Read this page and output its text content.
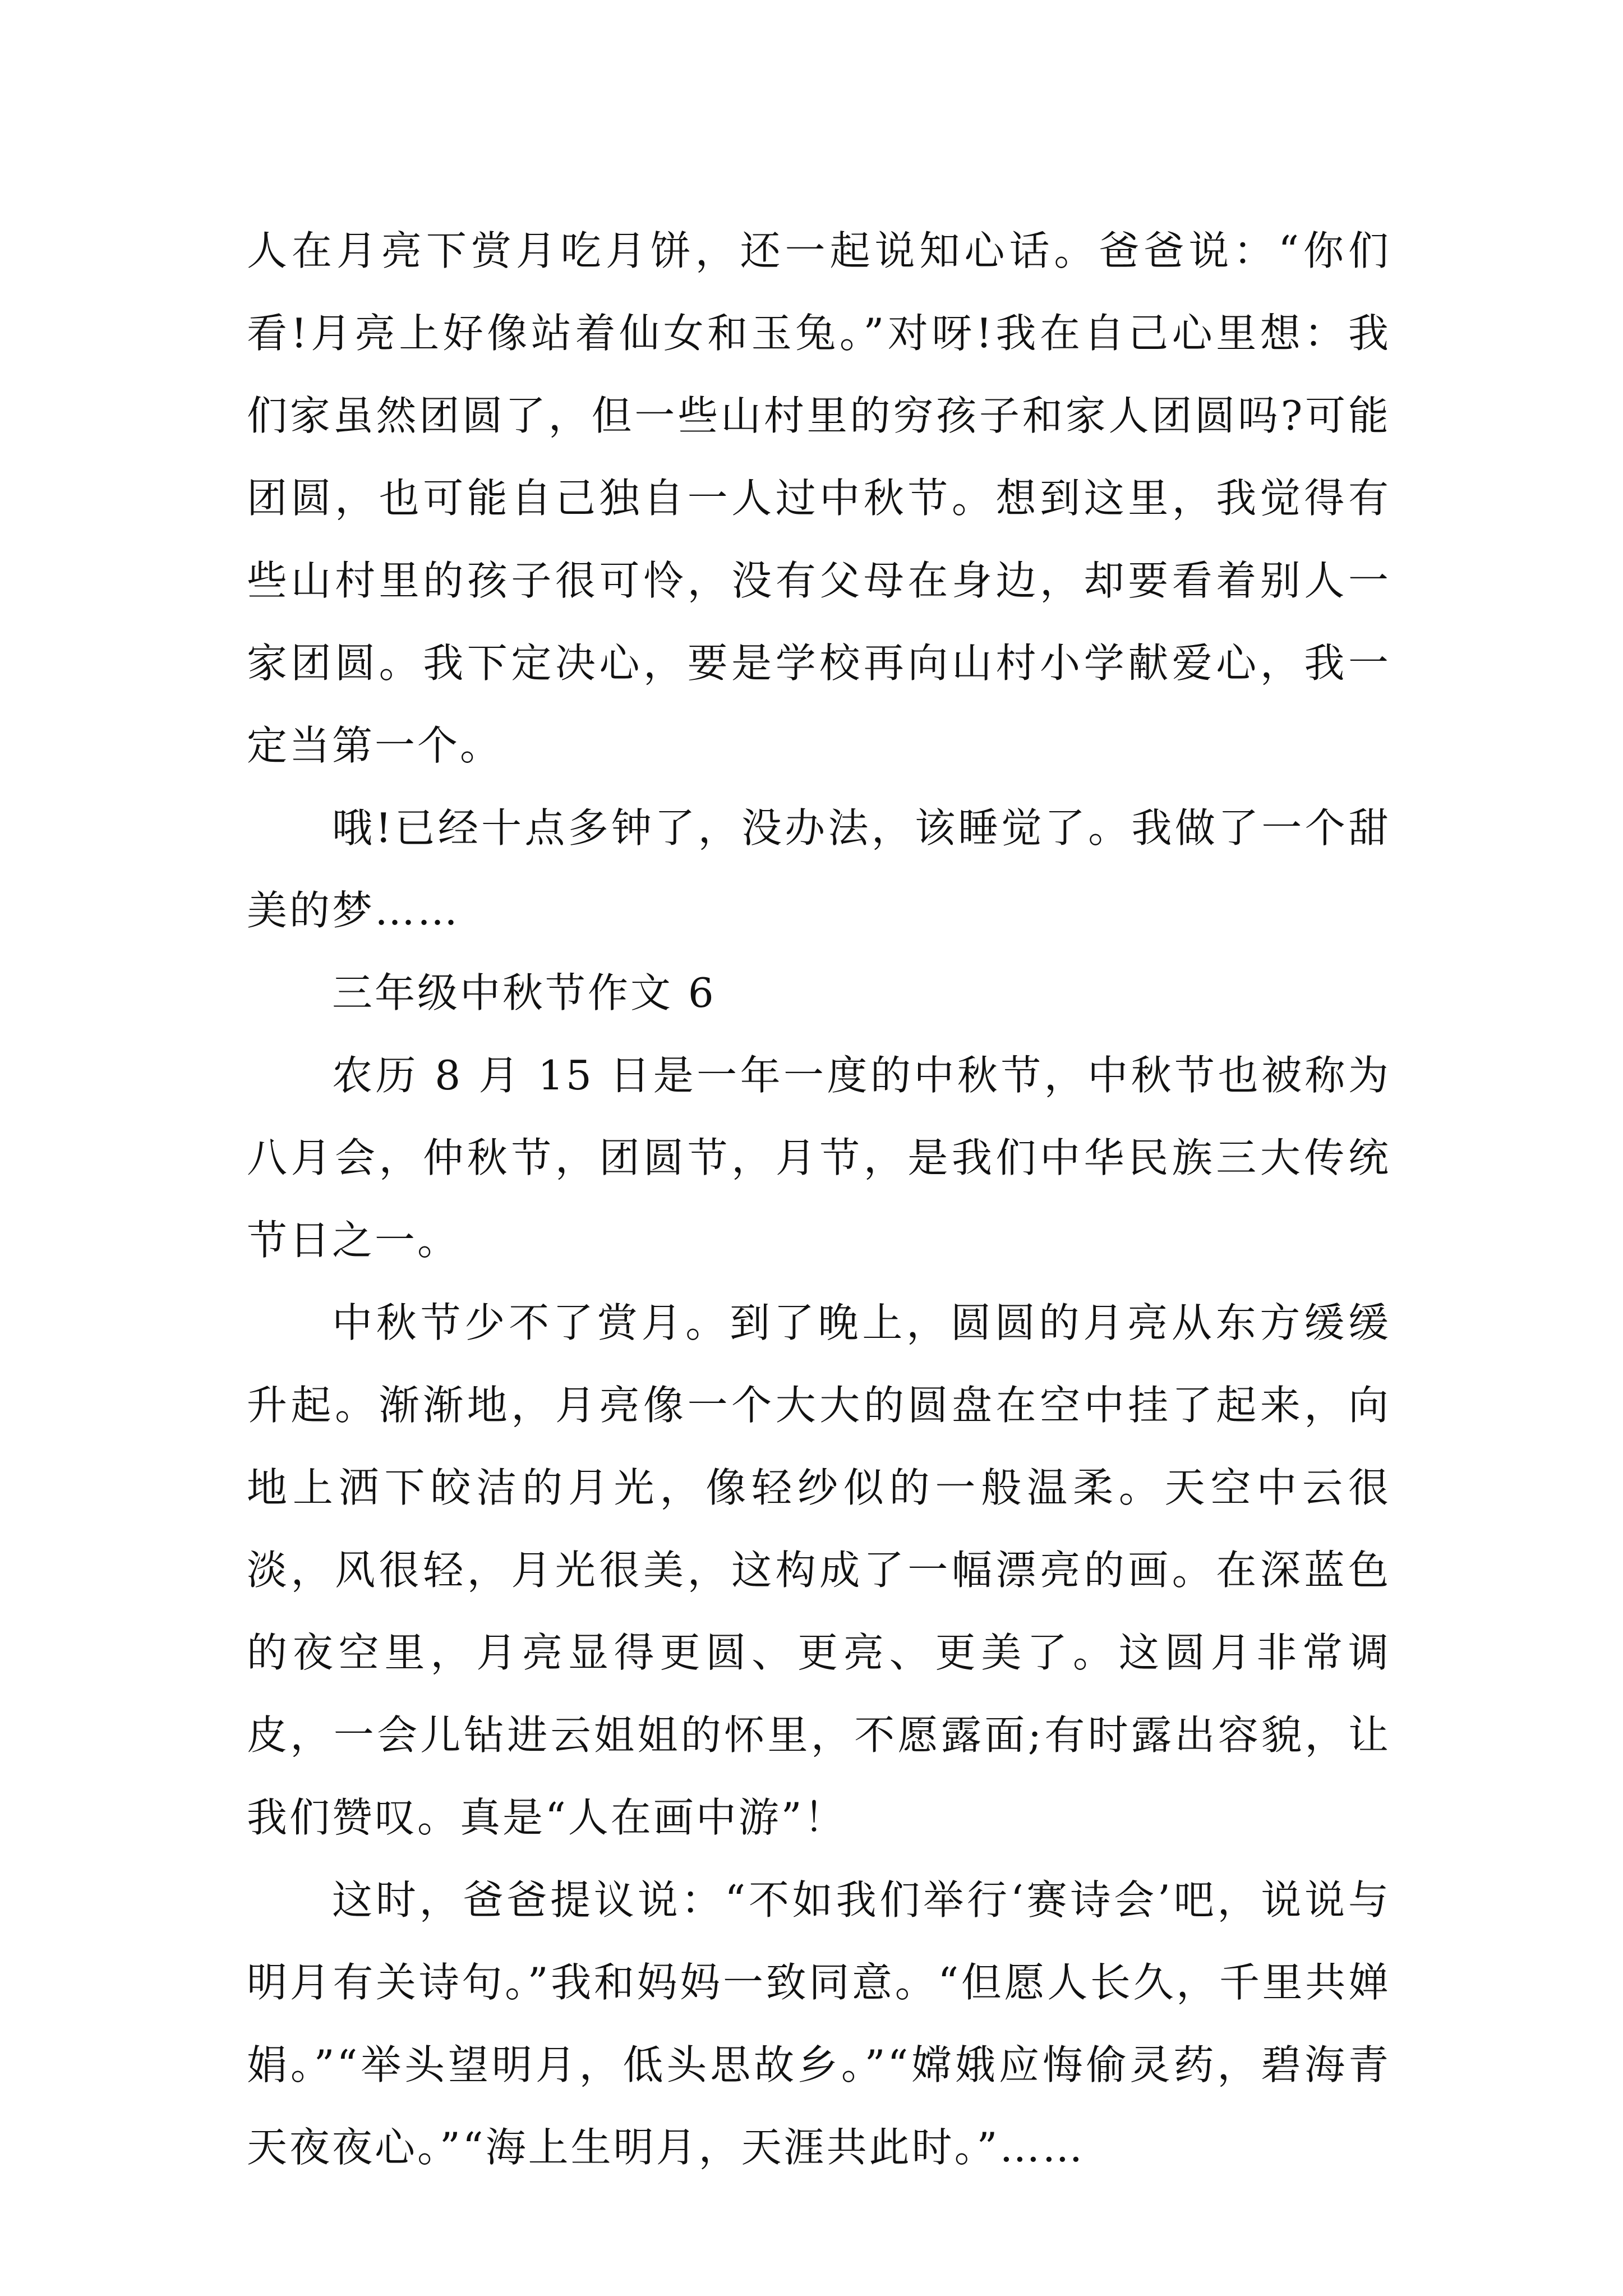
人在月亮下赏月吃月饼，还一起说知心话。爸爸说：“你们看!月亮上好像站着仙女和玉兔。”对呀!我在自己心里想：我们家虽然团圆了，但一些山村里的穷孩子和家人团圆吗?可能团圆，也可能自己独自一人过中秋节。想到这里，我觉得有些山村里的孩子很可怜，没有父母在身边，却要看着别人一家团圆。我下定决心，要是学校再向山村小学献爱心，我一定当第一个。

哦!已经十点多钟了，没办法，该睡觉了。我做了一个甜美的梦……

三年级中秋节作文 6

农历 8 月 15 日是一年一度的中秋节，中秋节也被称为八月会，仲秋节，团圆节，月节，是我们中华民族三大传统节日之一。

中秋节少不了赏月。到了晚上，圆圆的月亮从东方缓缓升起。渐渐地，月亮像一个大大的圆盘在空中挂了起来，向地上洒下皎洁的月光，像轻纱似的一般温柔。天空中云很淡，风很轻，月光很美，这构成了一幅漂亮的画。在深蓝色的夜空里，月亮显得更圆、更亮、更美了。这圆月非常调皮，一会儿钻进云姐姐的怀里，不愿露面;有时露出容貌，让我们赞叹。真是“人在画中游”！

这时，爸爸提议说：“不如我们举行‘赛诗会’吧，说说与明月有关诗句。”我和妈妈一致同意。“但愿人长久，千里共婵娟。”“举头望明月，低头思故乡。”“嫦娥应悔偷灵药，碧海青天夜夜心。”“海上生明月，天涯共此时。”……
